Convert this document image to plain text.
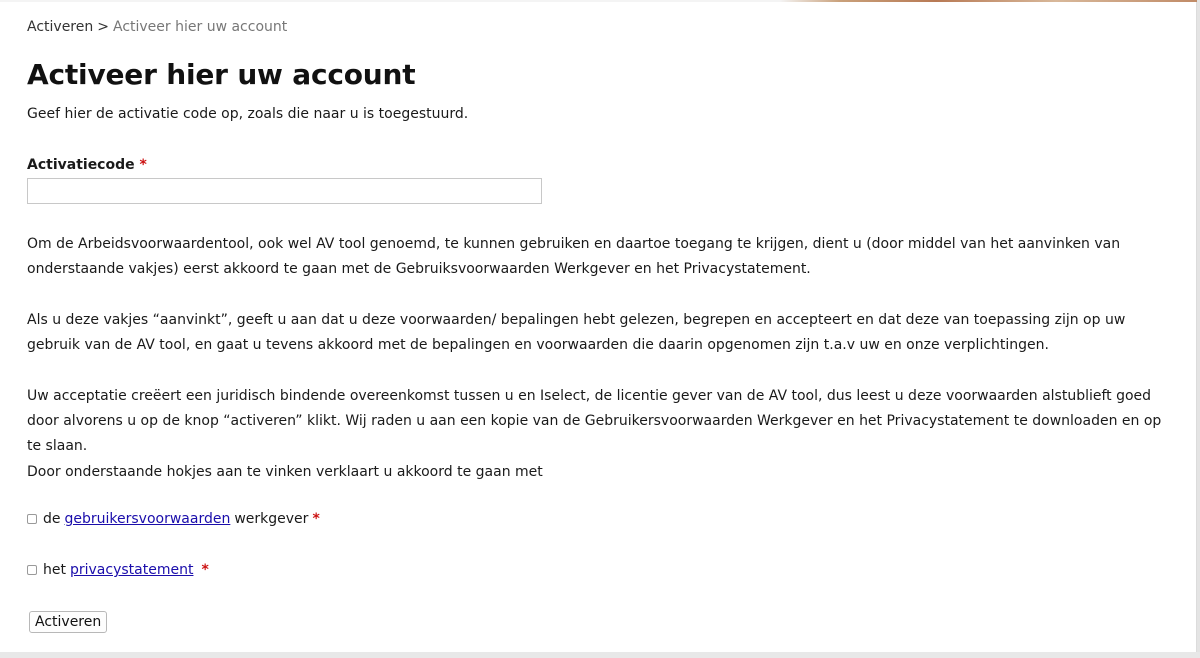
Activeren > Activeer hier uw account
Activeer hier uw account
Geef hier de activatie code op, zoals die naar u is toegestuurd.
Activatiecode *

Om de Arbeidsvoorwaardentool, ook wel AV tool genoemd, te kunnen gebruiken en daartoe toegang te krijgen, dient u (door middel van het aanvinken van onderstaande vakjes) eerst akkoord te gaan met de Gebruiksvoorwaarden Werkgever en het Privacystatement.

Als u deze vakjes “aanvinkt”, geeft u aan dat u deze voorwaarden/ bepalingen hebt gelezen, begrepen en accepteert en dat deze van toepassing zijn op uw gebruik van de AV tool, en gaat u tevens akkoord met de bepalingen en voorwaarden die daarin opgenomen zijn t.a.v uw en onze verplichtingen.

Uw acceptatie creëert een juridisch bindende overeenkomst tussen u en Iselect, de licentie gever van de AV tool, dus leest u deze voorwaarden alstublieft goed door alvorens u op de knop “activeren” klikt. Wij raden u aan een kopie van de Gebruikersvoorwaarden Werkgever en het Privacystatement te downloaden en op te slaan.

Door onderstaande hokjes aan te vinken verklaart u akkoord te gaan met

de gebruikersvoorwaarden werkgever *
het privacystatement *
Activeren
